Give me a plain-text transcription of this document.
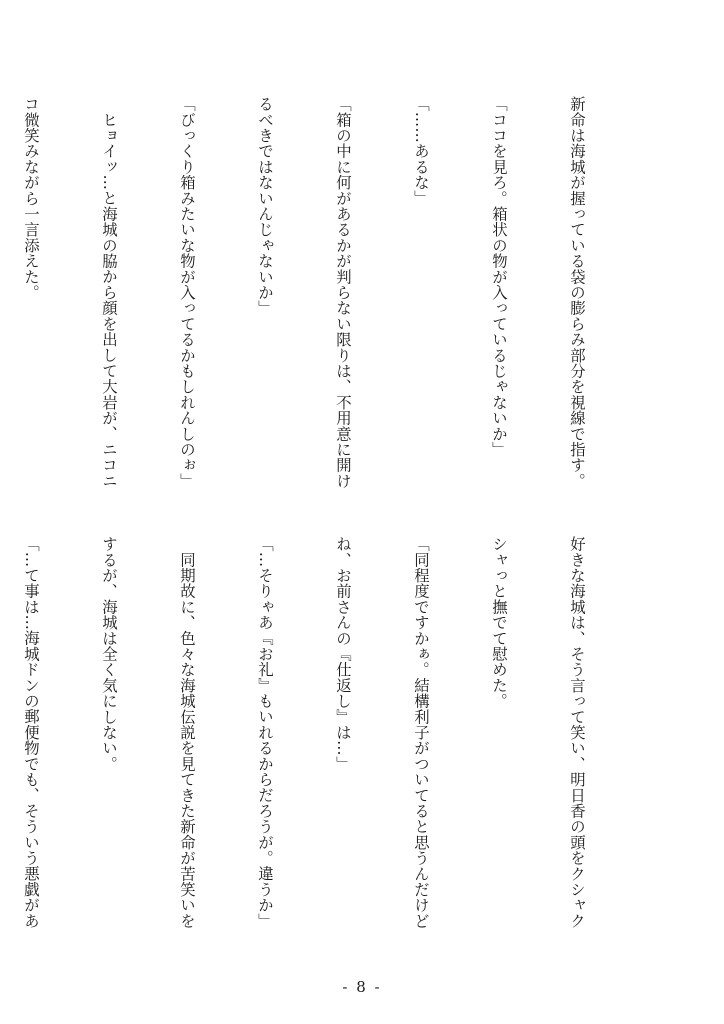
新命は海城が握っている袋の膨らみ部分を視線で指す。

「ココを見ろ。箱状の物が入っているじゃないか」

「……あるな」

「箱の中に何があるかが判らない限りは、不用意に開け

るべきではないんじゃないか」

「びっくり箱みたいな物が入ってるかもしれんしのぉ」

　ヒョイッ…と海城の脇から顔を出して大岩が、ニコニ

コ微笑みながら一言添えた。

好きな海城は、そう言って笑い、明日香の頭をクシャク

シャっと撫でて慰めた。

「同程度ですかぁ。結構利子がついてると思うんだけど

ね、お前さんの『仕返し』は…」

「…そりゃあ『お礼』もいれるからだろうが。違うか」

　同期故に、色々な海城伝説を見てきた新命が苦笑いを

するが、海城は全く気にしない。

「…て事は…海城ドンの郵便物でも、そういう悪戯があ

- 8 -
